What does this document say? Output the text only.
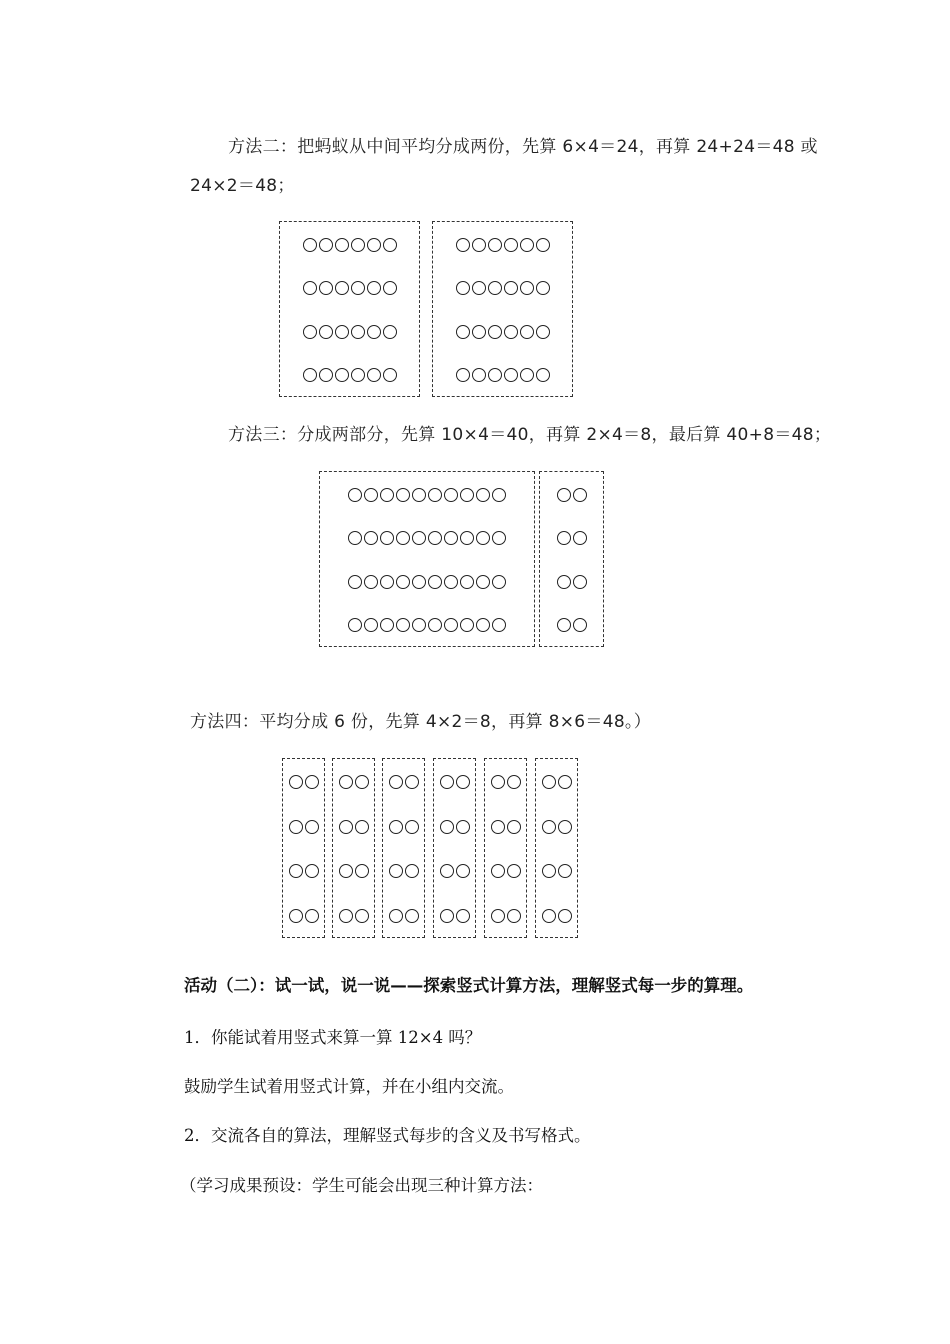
方法二：把蚂蚁从中间平均分成两份，先算 6×4＝24，再算 24+24＝48 或
24×2＝48；
方法三：分成两部分，先算 10×4＝40，再算 2×4＝8，最后算 40+8＝48；
方法四：平均分成 6 份，先算 4×2＝8，再算 8×6＝48。）
活动（二）：试一试，说一说——探索竖式计算方法，理解竖式每一步的算理。
1．你能试着用竖式来算一算 12×4 吗？
鼓励学生试着用竖式计算，并在小组内交流。
2．交流各自的算法，理解竖式每步的含义及书写格式。
（学习成果预设：学生可能会出现三种计算方法：
